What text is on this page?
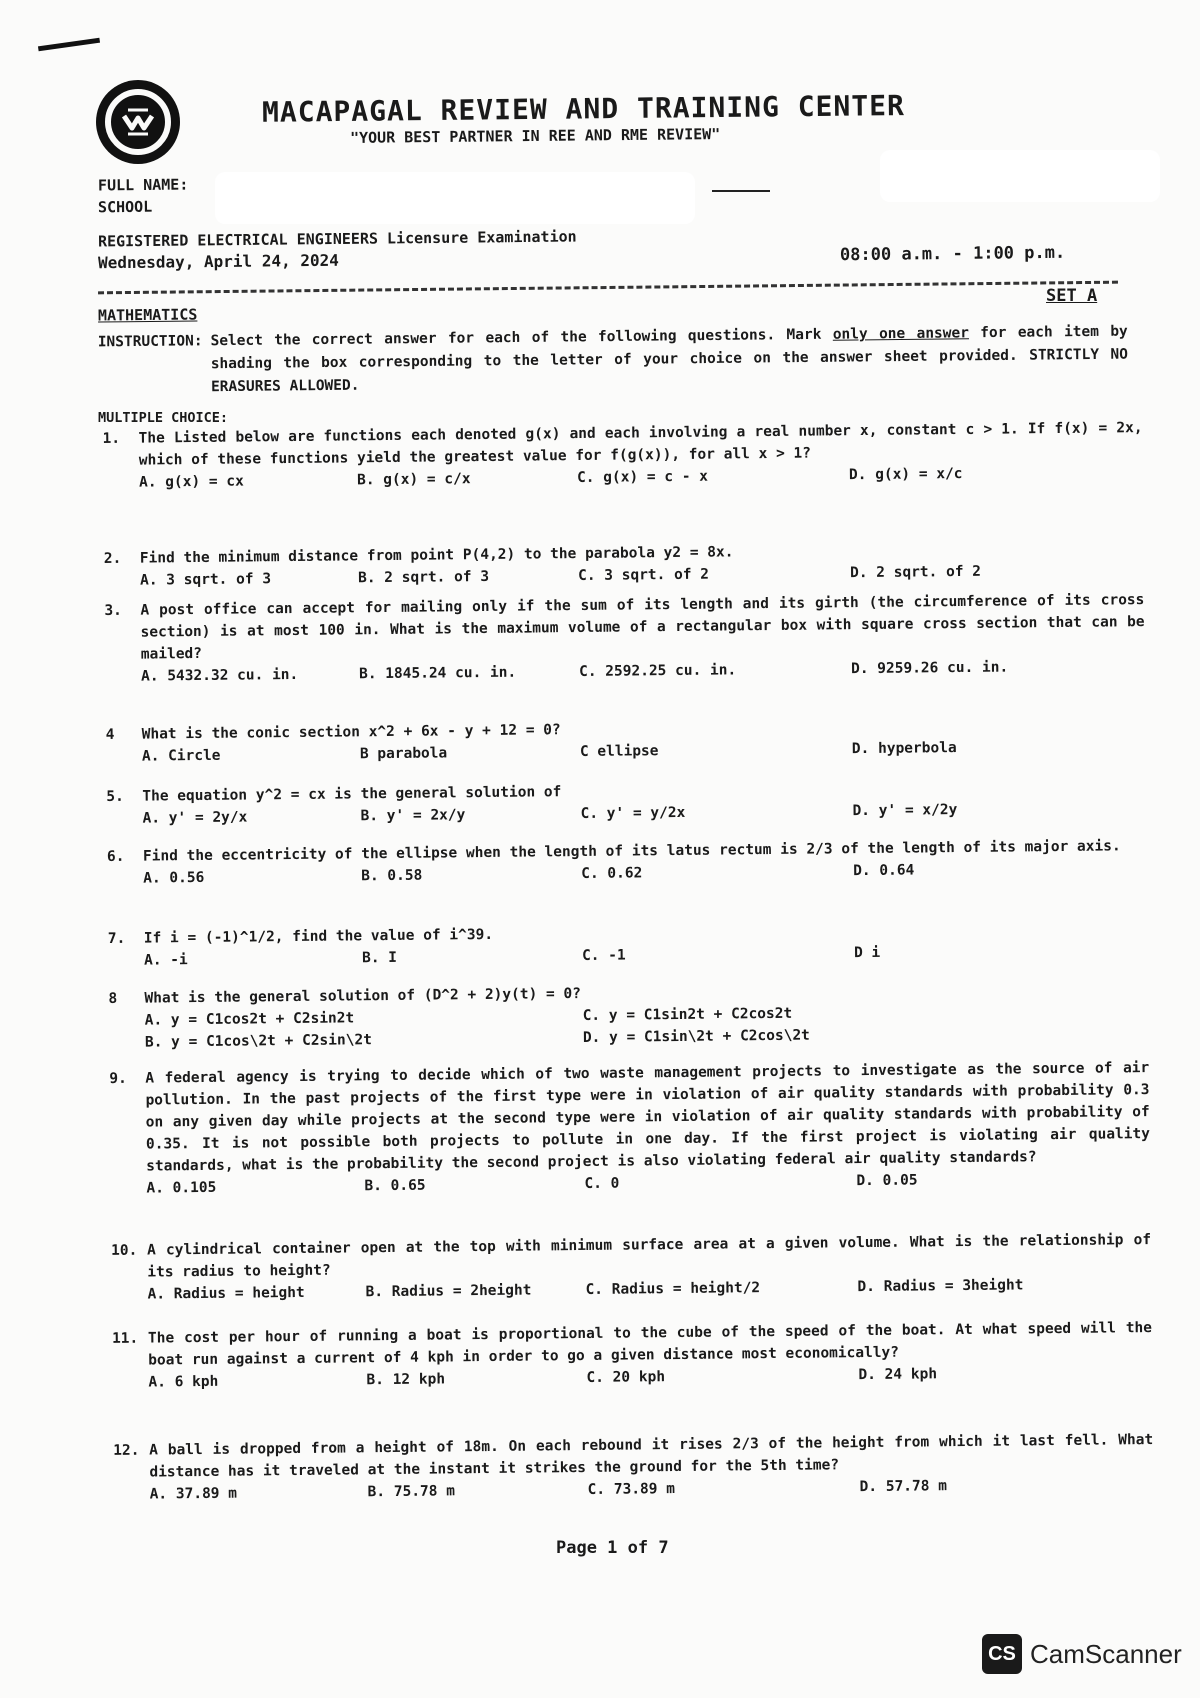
MACAPAGAL REVIEW AND TRAINING CENTER
"YOUR BEST PARTNER IN REE AND RME REVIEW"
FULL NAME:
SCHOOL
REGISTERED ELECTRICAL ENGINEERS Licensure Examination
Wednesday, April 24, 2024	08:00 a.m. - 1:00 p.m.
SET A
MATHEMATICS
INSTRUCTION: Select the correct answer for each of the following questions. Mark only one answer for each item by shading the box corresponding to the letter of your choice on the answer sheet provided. STRICTLY NO ERASURES ALLOWED.
MULTIPLE CHOICE:
1.	The Listed below are functions each denoted g(x) and each involving a real number x, constant c > 1. If f(x) = 2x, which of these functions yield the greatest value for f(g(x)), for all x > 1?
A. g(x) = cx	B. g(x) = c/x	C. g(x) = c - x	D. g(x) = x/c
2.	Find the minimum distance from point P(4,2) to the parabola y2 = 8x.
A. 3 sqrt. of 3	B. 2 sqrt. of 3	C. 3 sqrt. of 2	D. 2 sqrt. of 2
3.	A post office can accept for mailing only if the sum of its length and its girth (the circumference of its cross section) is at most 100 in. What is the maximum volume of a rectangular box with square cross section that can be mailed?
A. 5432.32 cu. in.	B. 1845.24 cu. in.	C. 2592.25 cu. in.	D. 9259.26 cu. in.
4	What is the conic section x^2 + 6x - y + 12 = 0?
A. Circle	B parabola	C ellipse	D. hyperbola
5.	The equation y^2 = cx is the general solution of
A. y' = 2y/x	B. y' = 2x/y	C. y' = y/2x	D. y' = x/2y
6.	Find the eccentricity of the ellipse when the length of its latus rectum is 2/3 of the length of its major axis.
A. 0.56	B. 0.58	C. 0.62	D. 0.64
7.	If i = (-1)^1/2, find the value of i^39.
A. -i	B. I	C. -1	D i
8	What is the general solution of (D^2 + 2)y(t) = 0?
A. y = C1cos2t + C2sin2t	C. y = C1sin2t + C2cos2t
B. y = C1cos\2t + C2sin\2t	D. y = C1sin\2t + C2cos\2t
9.	A federal agency is trying to decide which of two waste management projects to investigate as the source of air pollution. In the past projects of the first type were in violation of air quality standards with probability 0.3 on any given day while projects at the second type were in violation of air quality standards with probability of 0.35. It is not possible both projects to pollute in one day. If the first project is violating air quality standards, what is the probability the second project is also violating federal air quality standards?
A. 0.105	B. 0.65	C. 0	D. 0.05
10. A cylindrical container open at the top with minimum surface area at a given volume. What is the relationship of its radius to height?
A. Radius = height	B. Radius = 2height	C. Radius = height/2	D. Radius = 3height
11. The cost per hour of running a boat is proportional to the cube of the speed of the boat. At what speed will the boat run against a current of 4 kph in order to go a given distance most economically?
A. 6 kph	B. 12 kph	C. 20 kph	D. 24 kph
12. A ball is dropped from a height of 18m. On each rebound it rises 2/3 of the height from which it last fell. What distance has it traveled at the instant it strikes the ground for the 5th time?
A. 37.89 m	B. 75.78 m	C. 73.89 m	D. 57.78 m
Page 1 of 7
CS CamScanner
